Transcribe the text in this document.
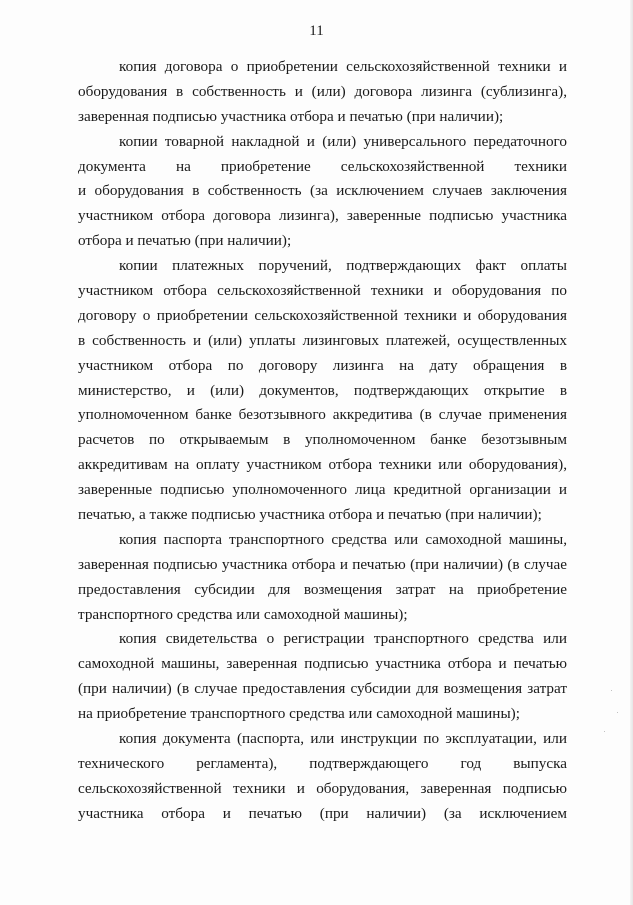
11
копия договора о приобретении сельскохозяйственной техники и
оборудования в собственность и (или) договора лизинга (сублизинга),
заверенная подписью участника отбора и печатью (при наличии);
копии товарной накладной и (или) универсального передаточного
документа на приобретение сельскохозяйственной техники
и оборудования в собственность (за исключением случаев заключения
участником отбора договора лизинга), заверенные подписью участника
отбора и печатью (при наличии);
копии платежных поручений, подтверждающих факт оплаты
участником отбора сельскохозяйственной техники и оборудования по
договору о приобретении сельскохозяйственной техники и оборудования
в собственность и (или) уплаты лизинговых платежей, осуществленных
участником отбора по договору лизинга на дату обращения в
министерство, и (или) документов, подтверждающих открытие в
уполномоченном банке безотзывного аккредитива (в случае применения
расчетов по открываемым в уполномоченном банке безотзывным
аккредитивам на оплату участником отбора техники или оборудования),
заверенные подписью уполномоченного лица кредитной организации и
печатью, а также подписью участника отбора и печатью (при наличии);
копия паспорта транспортного средства или самоходной машины,
заверенная подписью участника отбора и печатью (при наличии) (в случае
предоставления субсидии для возмещения затрат на приобретение
транспортного средства или самоходной машины);
копия свидетельства о регистрации транспортного средства или
самоходной машины, заверенная подписью участника отбора и печатью
(при наличии) (в случае предоставления субсидии для возмещения затрат
на приобретение транспортного средства или самоходной машины);
копия документа (паспорта, или инструкции по эксплуатации, или
технического регламента), подтверждающего год выпуска
сельскохозяйственной техники и оборудования, заверенная подписью
участника отбора и печатью (при наличии) (за исключением
